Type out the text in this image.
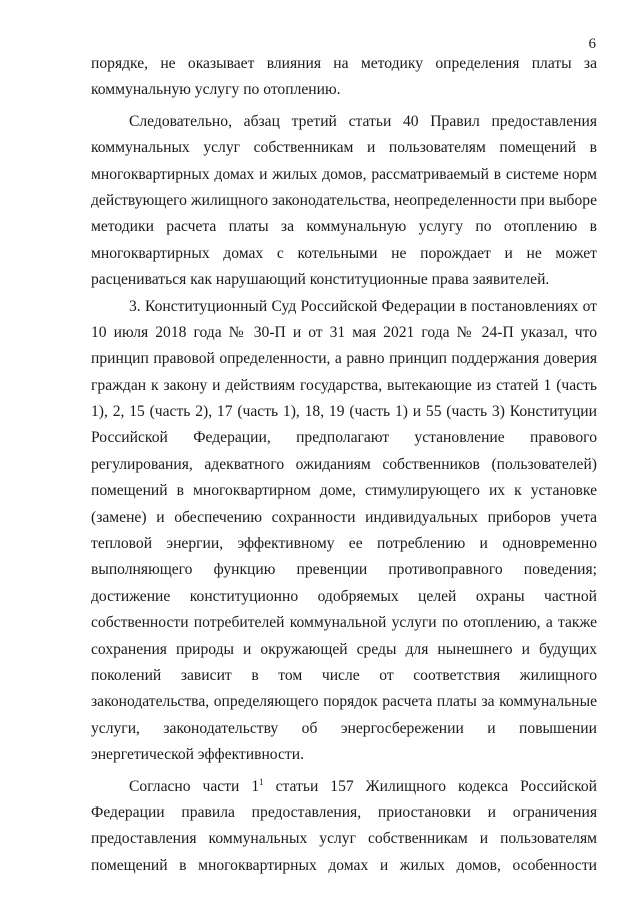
6
порядке, не оказывает влияния на методику определения платы за
коммунальную услугу по отоплению.
Следовательно, абзац третий статьи 40 Правил предоставления
коммунальных услуг собственникам и пользователям помещений в
многоквартирных домах и жилых домов, рассматриваемый в системе норм
действующего жилищного законодательства, неопределенности при выборе
методики расчета платы за коммунальную услугу по отоплению в
многоквартирных домах с котельными не порождает и не может
расцениваться как нарушающий конституционные права заявителей.
3. Конституционный Суд Российской Федерации в постановлениях от
10 июля 2018 года № 30-П и от 31 мая 2021 года № 24-П указал, что
принцип правовой определенности, а равно принцип поддержания доверия
граждан к закону и действиям государства, вытекающие из статей 1 (часть
1), 2, 15 (часть 2), 17 (часть 1), 18, 19 (часть 1) и 55 (часть 3) Конституции
Российской Федерации, предполагают установление правового
регулирования, адекватного ожиданиям собственников (пользователей)
помещений в многоквартирном доме, стимулирующего их к установке
(замене) и обеспечению сохранности индивидуальных приборов учета
тепловой энергии, эффективному ее потреблению и одновременно
выполняющего функцию превенции противоправного поведения;
достижение конституционно одобряемых целей охраны частной
собственности потребителей коммунальной услуги по отоплению, а также
сохранения природы и окружающей среды для нынешнего и будущих
поколений зависит в том числе от соответствия жилищного
законодательства, определяющего порядок расчета платы за коммунальные
услуги, законодательству об энергосбережении и повышении
энергетической эффективности.
Согласно части 1$^1$ статьи 157 Жилищного кодекса Российской
Федерации правила предоставления, приостановки и ограничения
предоставления коммунальных услуг собственникам и пользователям
помещений в многоквартирных домах и жилых домов, особенности
